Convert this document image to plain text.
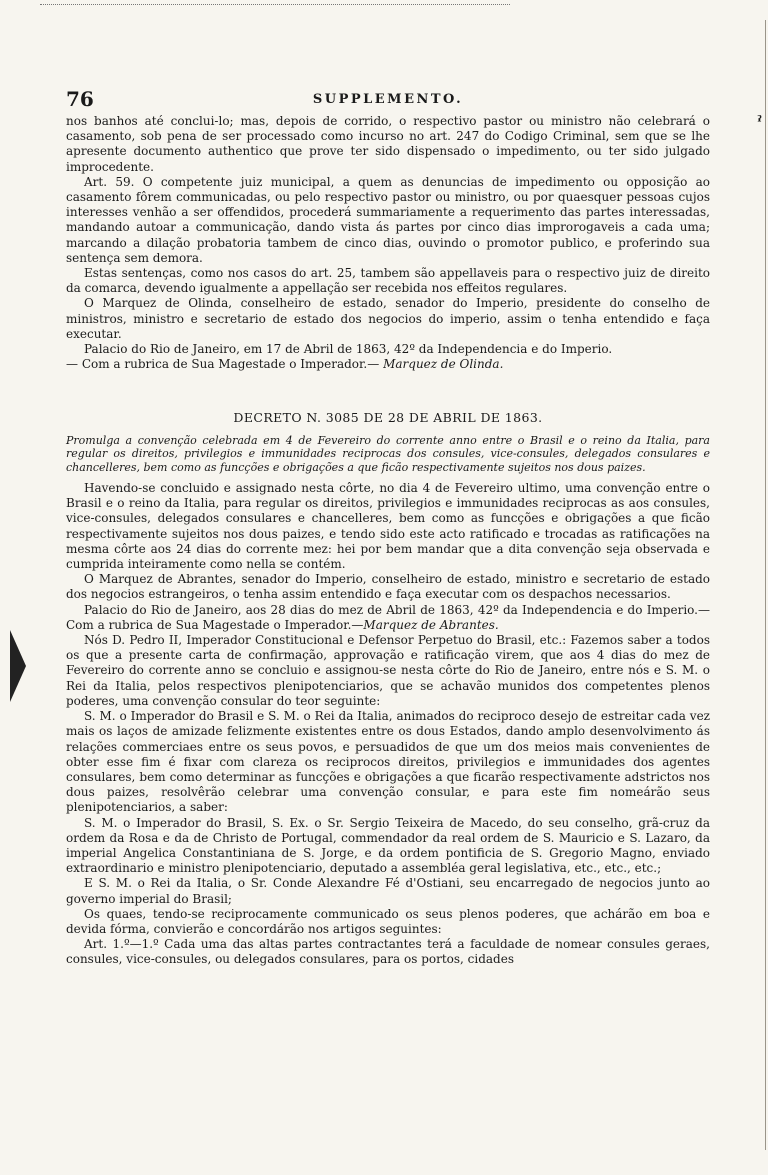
ˀ
76	SUPPLEMENTO.

nos banhos até conclui-lo; mas, depois de corrido, o respectivo pastor ou ministro não celebrará o casamento, sob pena de ser processado como incurso no art. 247 do Codigo Criminal, sem que se lhe apresente documento authentico que prove ter sido dispensado o impedimento, ou ter sido julgado improcedente.

Art. 59. O competente juiz municipal, a quem as denuncias de impedimento ou opposição ao casamento fôrem communicadas, ou pelo respectivo pastor ou ministro, ou por quaesquer pessoas cujos interesses venhão a ser offendidos, procederá summariamente a requerimento das partes interessadas, mandando autoar a communicação, dando vista ás partes por cinco dias improrogaveis a cada uma; marcando a dilação probatoria tambem de cinco dias, ouvindo o promotor publico, e proferindo sua sentença sem demora.

Estas sentenças, como nos casos do art. 25, tambem são appellaveis para o respectivo juiz de direito da comarca, devendo igualmente a appellação ser recebida nos effeitos regulares.

O Marquez de Olinda, conselheiro de estado, senador do Imperio, presidente do conselho de ministros, ministro e secretario de estado dos negocios do imperio, assim o tenha entendido e faça executar.

Palacio do Rio de Janeiro, em 17 de Abril de 1863, 42º da Independencia e do Imperio.

— Com a rubrica de Sua Magestade o Imperador.— Marquez de Olinda.

DECRETO N. 3085 DE 28 DE ABRIL DE 1863.

Promulga a convenção celebrada em 4 de Fevereiro do corrente anno entre o Brasil e o reino da Italia, para regular os direitos, privilegios e immunidades reciprocas dos consules, vice-consules, delegados consulares e chancelleres, bem como as funcções e obrigações a que ficão respectivamente sujeitos nos dous paizes.

Havendo-se concluido e assignado nesta côrte, no dia 4 de Fevereiro ultimo, uma convenção entre o Brasil e o reino da Italia, para regular os direitos, privilegios e immunidades reciprocas as aos consules, vice-consules, delegados consulares e chancelleres, bem como as funcções e obrigações a que ficão respectivamente sujeitos nos dous paizes, e tendo sido este acto ratificado e trocadas as ratificações na mesma côrte aos 24 dias do corrente mez: hei por bem mandar que a dita convenção seja observada e cumprida inteiramente como nella se contém.

O Marquez de Abrantes, senador do Imperio, conselheiro de estado, ministro e secretario de estado dos negocios estrangeiros, o tenha assim entendido e faça executar com os despachos necessarios.

Palacio do Rio de Janeiro, aos 28 dias do mez de Abril de 1863, 42º da Independencia e do Imperio.— Com a rubrica de Sua Magestade o Imperador.—Marquez de Abrantes.

Nós D. Pedro II, Imperador Constitucional e Defensor Perpetuo do Brasil, etc.: Fazemos saber a todos os que a presente carta de confirmação, approvação e ratificação virem, que aos 4 dias do mez de Fevereiro do corrente anno se concluio e assignou-se nesta côrte do Rio de Janeiro, entre nós e S. M. o Rei da Italia, pelos respectivos plenipotenciarios, que se achavão munidos dos competentes plenos poderes, uma convenção consular do teor seguinte:

S. M. o Imperador do Brasil e S. M. o Rei da Italia, animados do reciproco desejo de estreitar cada vez mais os laços de amizade felizmente existentes entre os dous Estados, dando amplo desenvolvimento ás relações commerciaes entre os seus povos, e persuadidos de que um dos meios mais convenientes de obter esse fim é fixar com clareza os reciprocos direitos, privilegios e immunidades dos agentes consulares, bem como determinar as funcções e obrigações a que ficarão respectivamente adstrictos nos dous paizes, resolvêrão celebrar uma convenção consular, e para este fim nomeárão seus plenipotenciarios, a saber:

S. M. o Imperador do Brasil, S. Ex. o Sr. Sergio Teixeira de Macedo, do seu conselho, grã-cruz da ordem da Rosa e da de Christo de Portugal, commendador da real ordem de S. Mauricio e S. Lazaro, da imperial Angelica Constantiniana de S. Jorge, e da ordem pontificia de S. Gregorio Magno, enviado extraordinario e ministro plenipotenciario, deputado a assembléa geral legislativa, etc., etc., etc.;

E S. M. o Rei da Italia, o Sr. Conde Alexandre Fé d'Ostiani, seu encarregado de negocios junto ao governo imperial do Brasil;

Os quaes, tendo-se reciprocamente communicado os seus plenos poderes, que achárão em boa e devida fórma, convierão e concordárão nos artigos seguintes:

Art. 1.º—1.º Cada uma das altas partes contractantes terá a faculdade de nomear consules geraes, consules, vice-consules, ou delegados consulares, para os portos, cidades
